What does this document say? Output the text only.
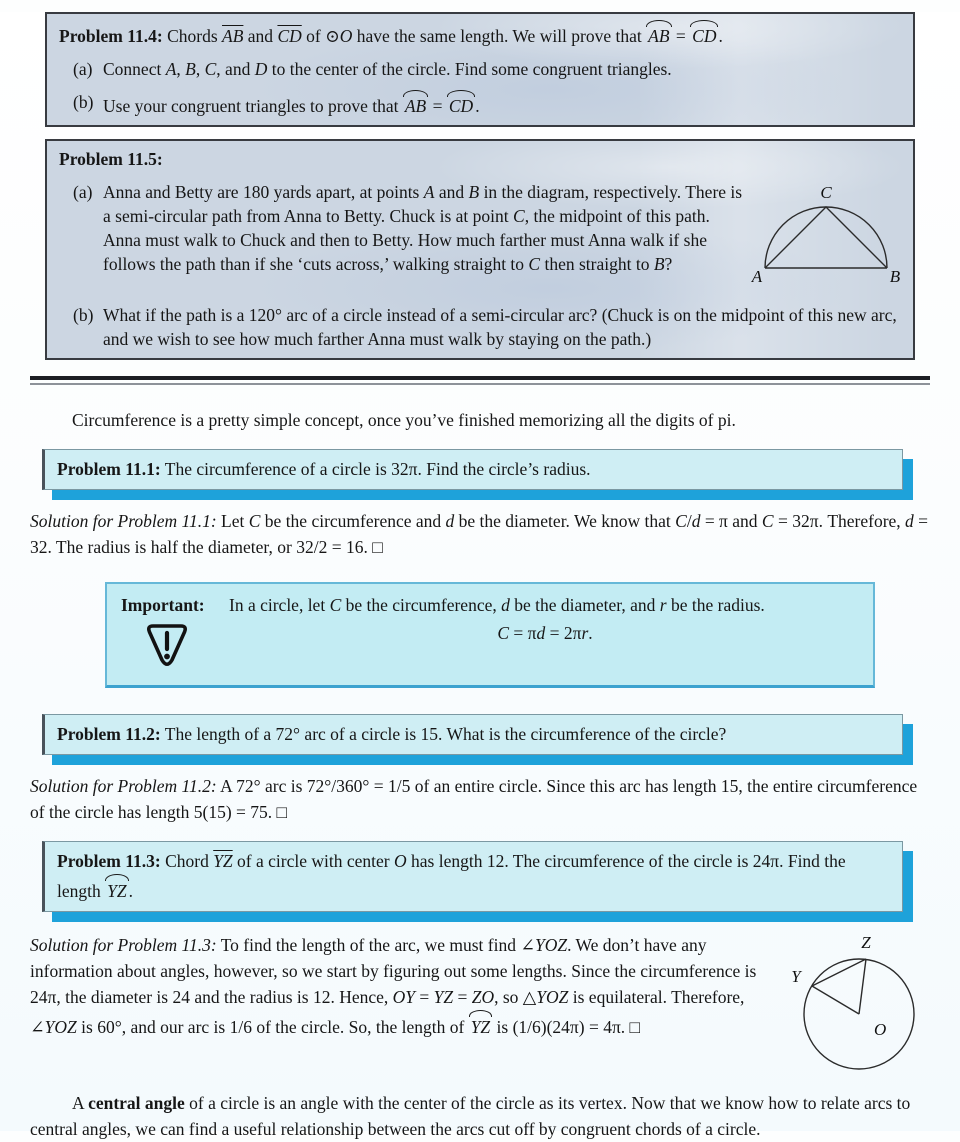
Problem 11.4: Chords $\overline{AB}$ and $\overline{CD}$ of ⊙O have the same length. We will prove that AB = CD .

(a) Connect A, B, C, and D to the center of the circle. Find some congruent triangles.

(b) Use your congruent triangles to prove that AB = CD .

Problem 11.5:

(a)	C
A	B
Anna and Betty are 180 yards apart, at points A and B in the diagram, respectively. There is a semi-circular path from Anna to Betty. Chuck is at point C, the midpoint of this path. Anna must walk to Chuck and then to Betty. How much farther must Anna walk if she follows the path than if she ‘cuts across,’ walking straight to C then straight to B?
(b) What if the path is a 120° arc of a circle instead of a semi-circular arc? (Chuck is on the midpoint of this new arc, and we wish to see how much farther Anna must walk by staying on the path.)

Circumference is a pretty simple concept, once you’ve finished memorizing all the digits of pi.

Problem 11.1: The circumference of a circle is 32π. Find the circle’s radius.

Solution for Problem 11.1: Let C be the circumference and d be the diameter. We know that C/d = π and C = 32π. Therefore, d = 32. The radius is half the diameter, or 32/2 = 16. □

Important:	In a circle, let C be the circumference, d be the diameter, and r be the radius.

C = πd = 2πr.

Problem 11.2: The length of a 72° arc of a circle is 15. What is the circumference of the circle?

Solution for Problem 11.2: A 72° arc is 72°/360° = 1/5 of an entire circle. Since this arc has length 15, the entire circumference of the circle has length 5(15) = 75. □

Problem 11.3: Chord $\overline{YZ}$ of a circle with center O has length 12. The circumference of the circle is 24π. Find the length YZ .

Z
Y
O

Solution for Problem 11.3: To find the length of the arc, we must find ∠YOZ. We don’t have any information about angles, however, so we start by figuring out some lengths. Since the circumference is 24π, the diameter is 24 and the radius is 12. Hence, OY = YZ = ZO, so △YOZ is equilateral. Therefore, ∠YOZ is 60°, and our arc is 1/6 of the circle. So, the length of YZ is (1/6)(24π) = 4π. □

A central angle of a circle is an angle with the center of the circle as its vertex. Now that we know how to relate arcs to central angles, we can find a useful relationship between the arcs cut off by congruent chords of a circle.
